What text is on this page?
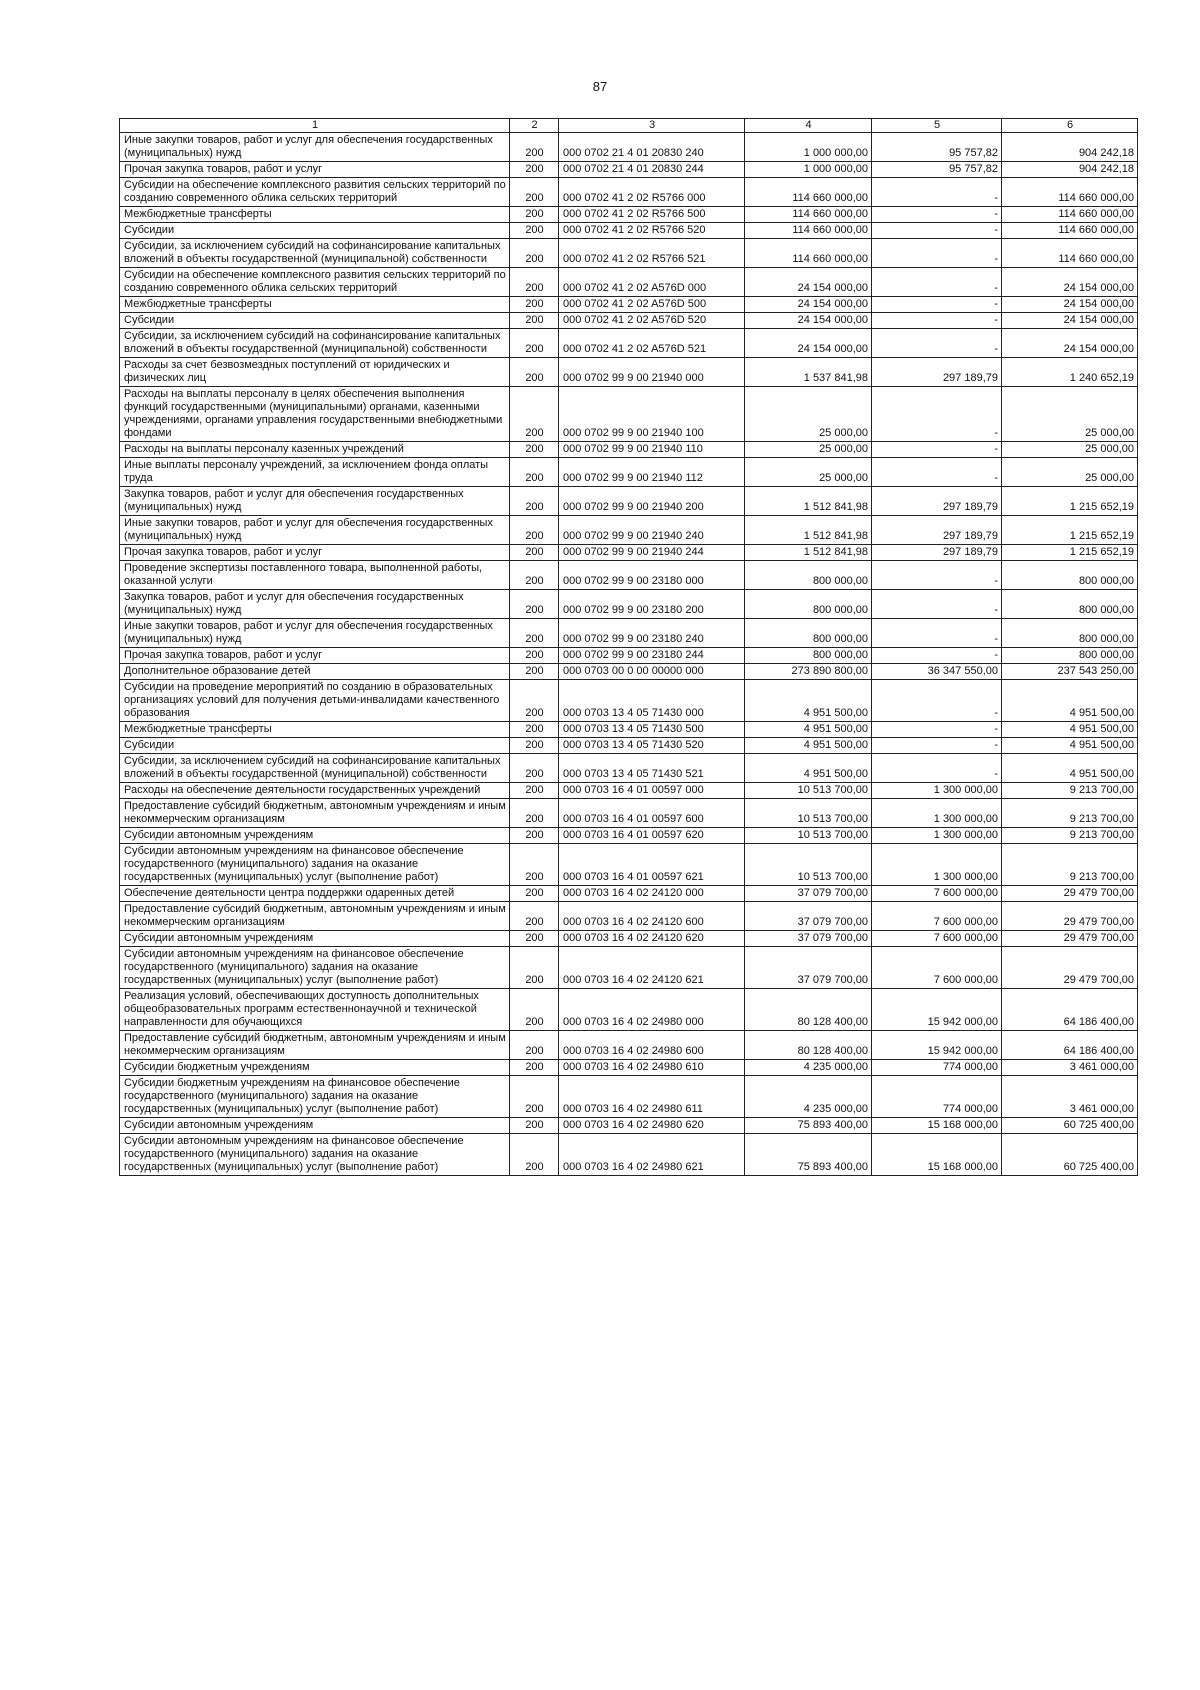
87
1	2	3	4	5	6
Иные закупки товаров, работ и услуг для обеспечения государственных (муниципальных) нужд	200	000 0702 21 4 01 20830 240	1 000 000,00	95 757,82	904 242,18
Прочая закупка товаров, работ и услуг	200	000 0702 21 4 01 20830 244	1 000 000,00	95 757,82	904 242,18
Субсидии на обеспечение комплексного развития сельских территорий по созданию современного облика сельских территорий	200	000 0702 41 2 02 R5766 000	114 660 000,00	-	114 660 000,00
Межбюджетные трансферты	200	000 0702 41 2 02 R5766 500	114 660 000,00	-	114 660 000,00
Субсидии	200	000 0702 41 2 02 R5766 520	114 660 000,00	-	114 660 000,00
Субсидии, за исключением субсидий на софинансирование капитальных вложений в объекты государственной (муниципальной) собственности	200	000 0702 41 2 02 R5766 521	114 660 000,00	-	114 660 000,00
Субсидии на обеспечение комплексного развития сельских территорий по созданию современного облика сельских территорий	200	000 0702 41 2 02 A576D 000	24 154 000,00	-	24 154 000,00
Межбюджетные трансферты	200	000 0702 41 2 02 A576D 500	24 154 000,00	-	24 154 000,00
Субсидии	200	000 0702 41 2 02 A576D 520	24 154 000,00	-	24 154 000,00
Субсидии, за исключением субсидий на софинансирование капитальных вложений в объекты государственной (муниципальной) собственности	200	000 0702 41 2 02 A576D 521	24 154 000,00	-	24 154 000,00
Расходы за счет безвозмездных поступлений от юридических и физических лиц	200	000 0702 99 9 00 21940 000	1 537 841,98	297 189,79	1 240 652,19
Расходы на выплаты персоналу в целях обеспечения выполнения функций государственными (муниципальными) органами, казенными учреждениями, органами управления государственными внебюджетными фондами	200	000 0702 99 9 00 21940 100	25 000,00	-	25 000,00
Расходы на выплаты персоналу казенных учреждений	200	000 0702 99 9 00 21940 110	25 000,00	-	25 000,00
Иные выплаты персоналу учреждений, за исключением фонда оплаты труда	200	000 0702 99 9 00 21940 112	25 000,00	-	25 000,00
Закупка товаров, работ и услуг для обеспечения государственных (муниципальных) нужд	200	000 0702 99 9 00 21940 200	1 512 841,98	297 189,79	1 215 652,19
Иные закупки товаров, работ и услуг для обеспечения государственных (муниципальных) нужд	200	000 0702 99 9 00 21940 240	1 512 841,98	297 189,79	1 215 652,19
Прочая закупка товаров, работ и услуг	200	000 0702 99 9 00 21940 244	1 512 841,98	297 189,79	1 215 652,19
Проведение экспертизы поставленного товара, выполненной работы, оказанной услуги	200	000 0702 99 9 00 23180 000	800 000,00	-	800 000,00
Закупка товаров, работ и услуг для обеспечения государственных (муниципальных) нужд	200	000 0702 99 9 00 23180 200	800 000,00	-	800 000,00
Иные закупки товаров, работ и услуг для обеспечения государственных (муниципальных) нужд	200	000 0702 99 9 00 23180 240	800 000,00	-	800 000,00
Прочая закупка товаров, работ и услуг	200	000 0702 99 9 00 23180 244	800 000,00	-	800 000,00
Дополнительное образование детей	200	000 0703 00 0 00 00000 000	273 890 800,00	36 347 550,00	237 543 250,00
Субсидии на проведение мероприятий по созданию в образовательных организациях условий для получения детьми-инвалидами качественного образования	200	000 0703 13 4 05 71430 000	4 951 500,00	-	4 951 500,00
Межбюджетные трансферты	200	000 0703 13 4 05 71430 500	4 951 500,00	-	4 951 500,00
Субсидии	200	000 0703 13 4 05 71430 520	4 951 500,00	-	4 951 500,00
Субсидии, за исключением субсидий на софинансирование капитальных вложений в объекты государственной (муниципальной) собственности	200	000 0703 13 4 05 71430 521	4 951 500,00	-	4 951 500,00
Расходы на обеспечение деятельности государственных учреждений	200	000 0703 16 4 01 00597 000	10 513 700,00	1 300 000,00	9 213 700,00
Предоставление субсидий бюджетным, автономным учреждениям и иным некоммерческим организациям	200	000 0703 16 4 01 00597 600	10 513 700,00	1 300 000,00	9 213 700,00
Субсидии автономным учреждениям	200	000 0703 16 4 01 00597 620	10 513 700,00	1 300 000,00	9 213 700,00
Субсидии автономным учреждениям на финансовое обеспечение государственного (муниципального) задания на оказание государственных (муниципальных) услуг (выполнение работ)	200	000 0703 16 4 01 00597 621	10 513 700,00	1 300 000,00	9 213 700,00
Обеспечение деятельности центра поддержки одаренных детей	200	000 0703 16 4 02 24120 000	37 079 700,00	7 600 000,00	29 479 700,00
Предоставление субсидий бюджетным, автономным учреждениям и иным некоммерческим организациям	200	000 0703 16 4 02 24120 600	37 079 700,00	7 600 000,00	29 479 700,00
Субсидии автономным учреждениям	200	000 0703 16 4 02 24120 620	37 079 700,00	7 600 000,00	29 479 700,00
Субсидии автономным учреждениям на финансовое обеспечение государственного (муниципального) задания на оказание государственных (муниципальных) услуг (выполнение работ)	200	000 0703 16 4 02 24120 621	37 079 700,00	7 600 000,00	29 479 700,00
Реализация условий, обеспечивающих доступность дополнительных общеобразовательных программ естественнонаучной и технической направленности для обучающихся	200	000 0703 16 4 02 24980 000	80 128 400,00	15 942 000,00	64 186 400,00
Предоставление субсидий бюджетным, автономным учреждениям и иным некоммерческим организациям	200	000 0703 16 4 02 24980 600	80 128 400,00	15 942 000,00	64 186 400,00
Субсидии бюджетным учреждениям	200	000 0703 16 4 02 24980 610	4 235 000,00	774 000,00	3 461 000,00
Субсидии бюджетным учреждениям на финансовое обеспечение государственного (муниципального) задания на оказание государственных (муниципальных) услуг (выполнение работ)	200	000 0703 16 4 02 24980 611	4 235 000,00	774 000,00	3 461 000,00
Субсидии автономным учреждениям	200	000 0703 16 4 02 24980 620	75 893 400,00	15 168 000,00	60 725 400,00
Субсидии автономным учреждениям на финансовое обеспечение государственного (муниципального) задания на оказание государственных (муниципальных) услуг (выполнение работ)	200	000 0703 16 4 02 24980 621	75 893 400,00	15 168 000,00	60 725 400,00
